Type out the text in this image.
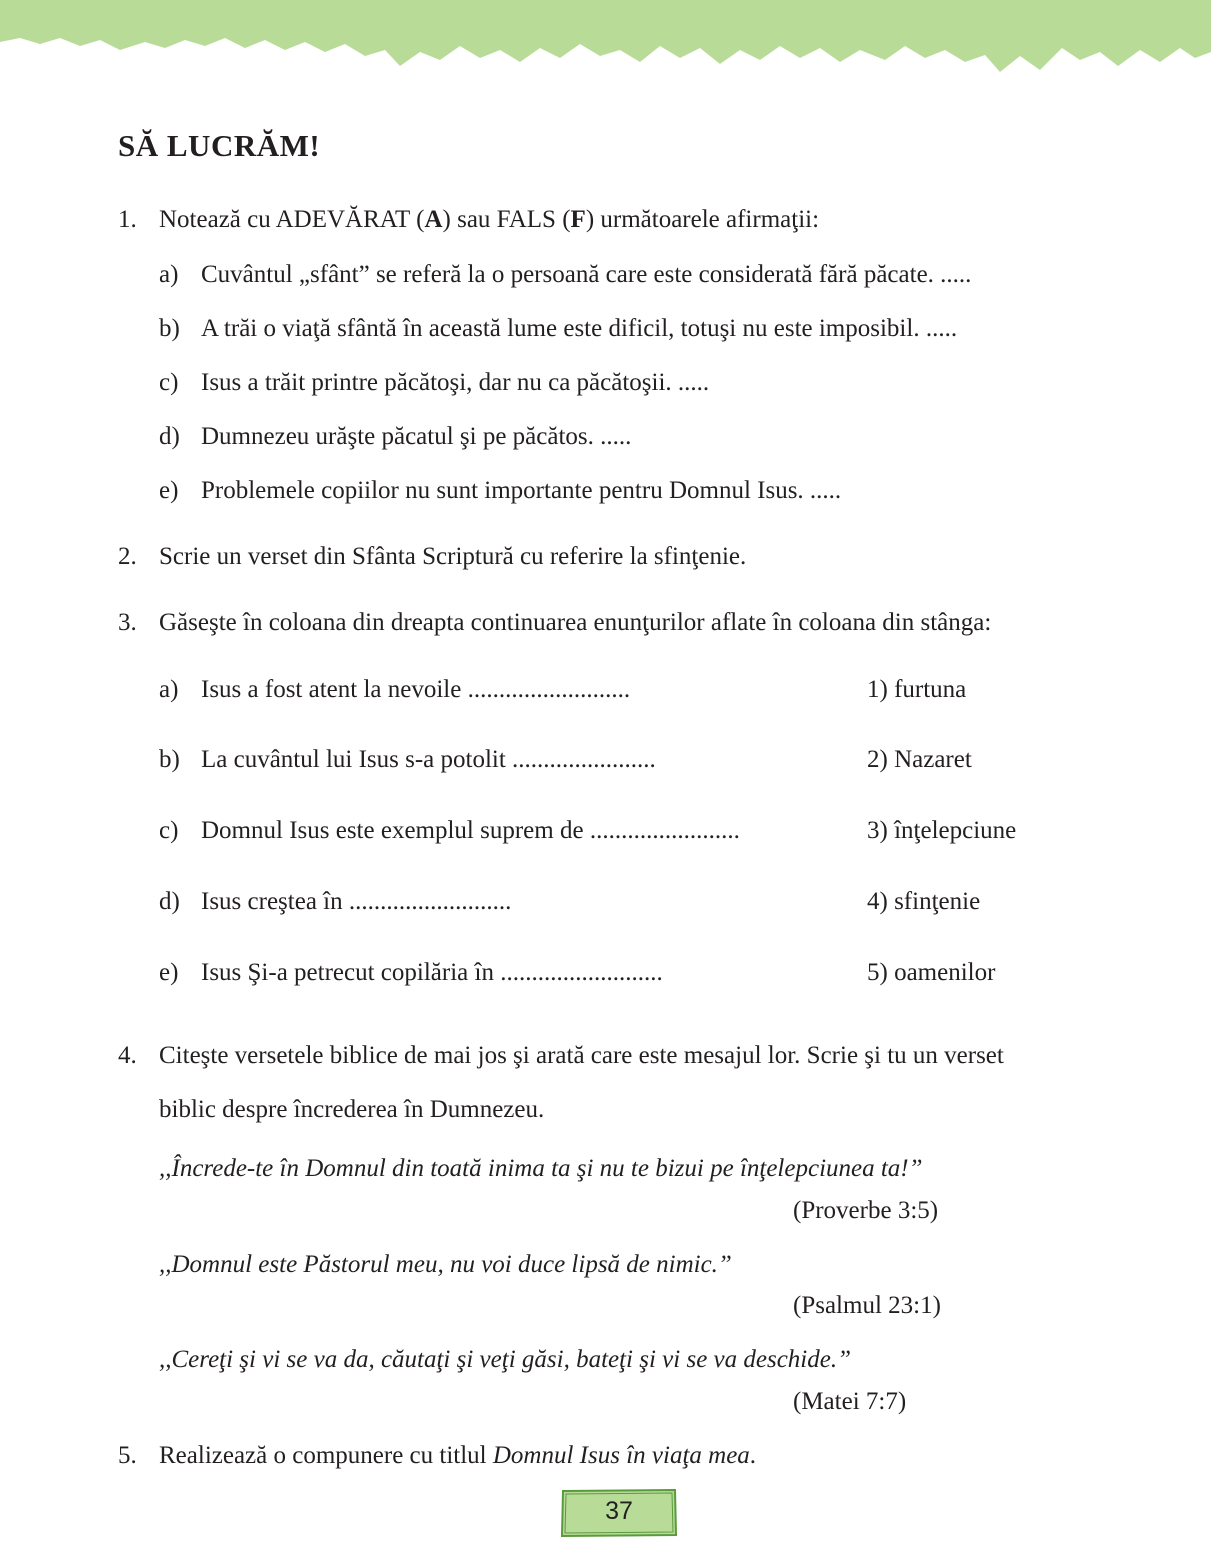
SĂ LUCRĂM!
1. Notează cu ADEVĂRAT (A) sau FALS (F) următoarele afirmaţii:
a) Cuvântul „sfânt” se referă la o persoană care este considerată fără păcate. .....
b) A trăi o viaţă sfântă în această lume este dificil, totuşi nu este imposibil. .....
c) Isus a trăit printre păcătoşi, dar nu ca păcătoşii. .....
d) Dumnezeu urăşte păcatul şi pe păcătos. .....
e) Problemele copiilor nu sunt importante pentru Domnul Isus. .....
2. Scrie un verset din Sfânta Scriptură cu referire la sfinţenie.
3. Găseşte în coloana din dreapta continuarea enunţurilor aflate în coloana din stânga:
a) Isus a fost atent la nevoile ..........................	1) furtuna
b) La cuvântul lui Isus s-a potolit .......................	2) Nazaret
c) Domnul Isus este exemplul suprem de ........................	3) înţelepciune
d) Isus creştea în ..........................	4) sfinţenie
e) Isus Şi-a petrecut copilăria în ..........................	5) oamenilor
4. Citeşte versetele biblice de mai jos şi arată care este mesajul lor. Scrie şi tu un verset
biblic despre încrederea în Dumnezeu.
,,Încrede-te în Domnul din toată inima ta şi nu te bizui pe înţelepciunea ta!”
(Proverbe 3:5)
,,Domnul este Păstorul meu, nu voi duce lipsă de nimic.”
(Psalmul 23:1)
,,Cereţi şi vi se va da, căutaţi şi veţi găsi, bateţi şi vi se va deschide.”
(Matei 7:7)
5. Realizează o compunere cu titlul Domnul Isus în viaţa mea.
37
